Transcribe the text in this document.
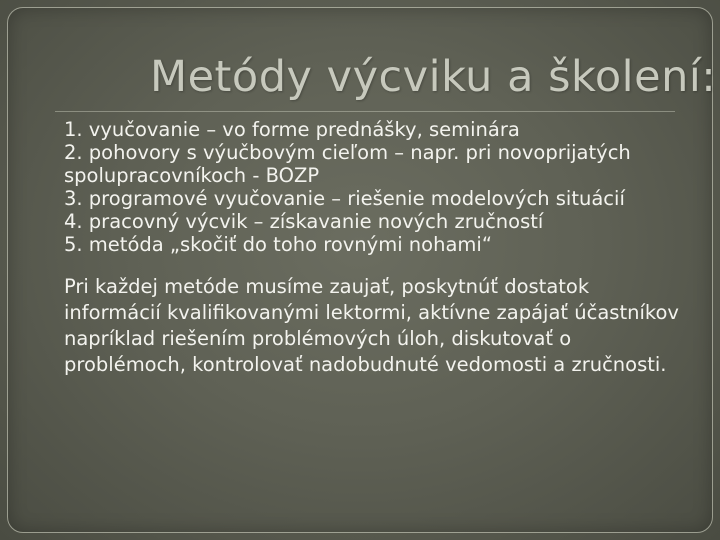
Metódy výcviku a školení:
1. vyučovanie – vo forme prednášky, seminára
2. pohovory s výučbovým cieľom – napr. pri novoprijatých spolupracovníkoch - BOZP
3. programové vyučovanie – riešenie modelových situácií
4. pracovný výcvik – získavanie nových zručností
5. metóda „skočiť do toho rovnými nohami“
Pri každej metóde musíme zaujať, poskytnúť dostatok informácií kvalifikovanými lektormi, aktívne zapájať účastníkov napríklad riešením problémových úloh, diskutovať o problémoch, kontrolovať nadobudnuté vedomosti a zručnosti.
